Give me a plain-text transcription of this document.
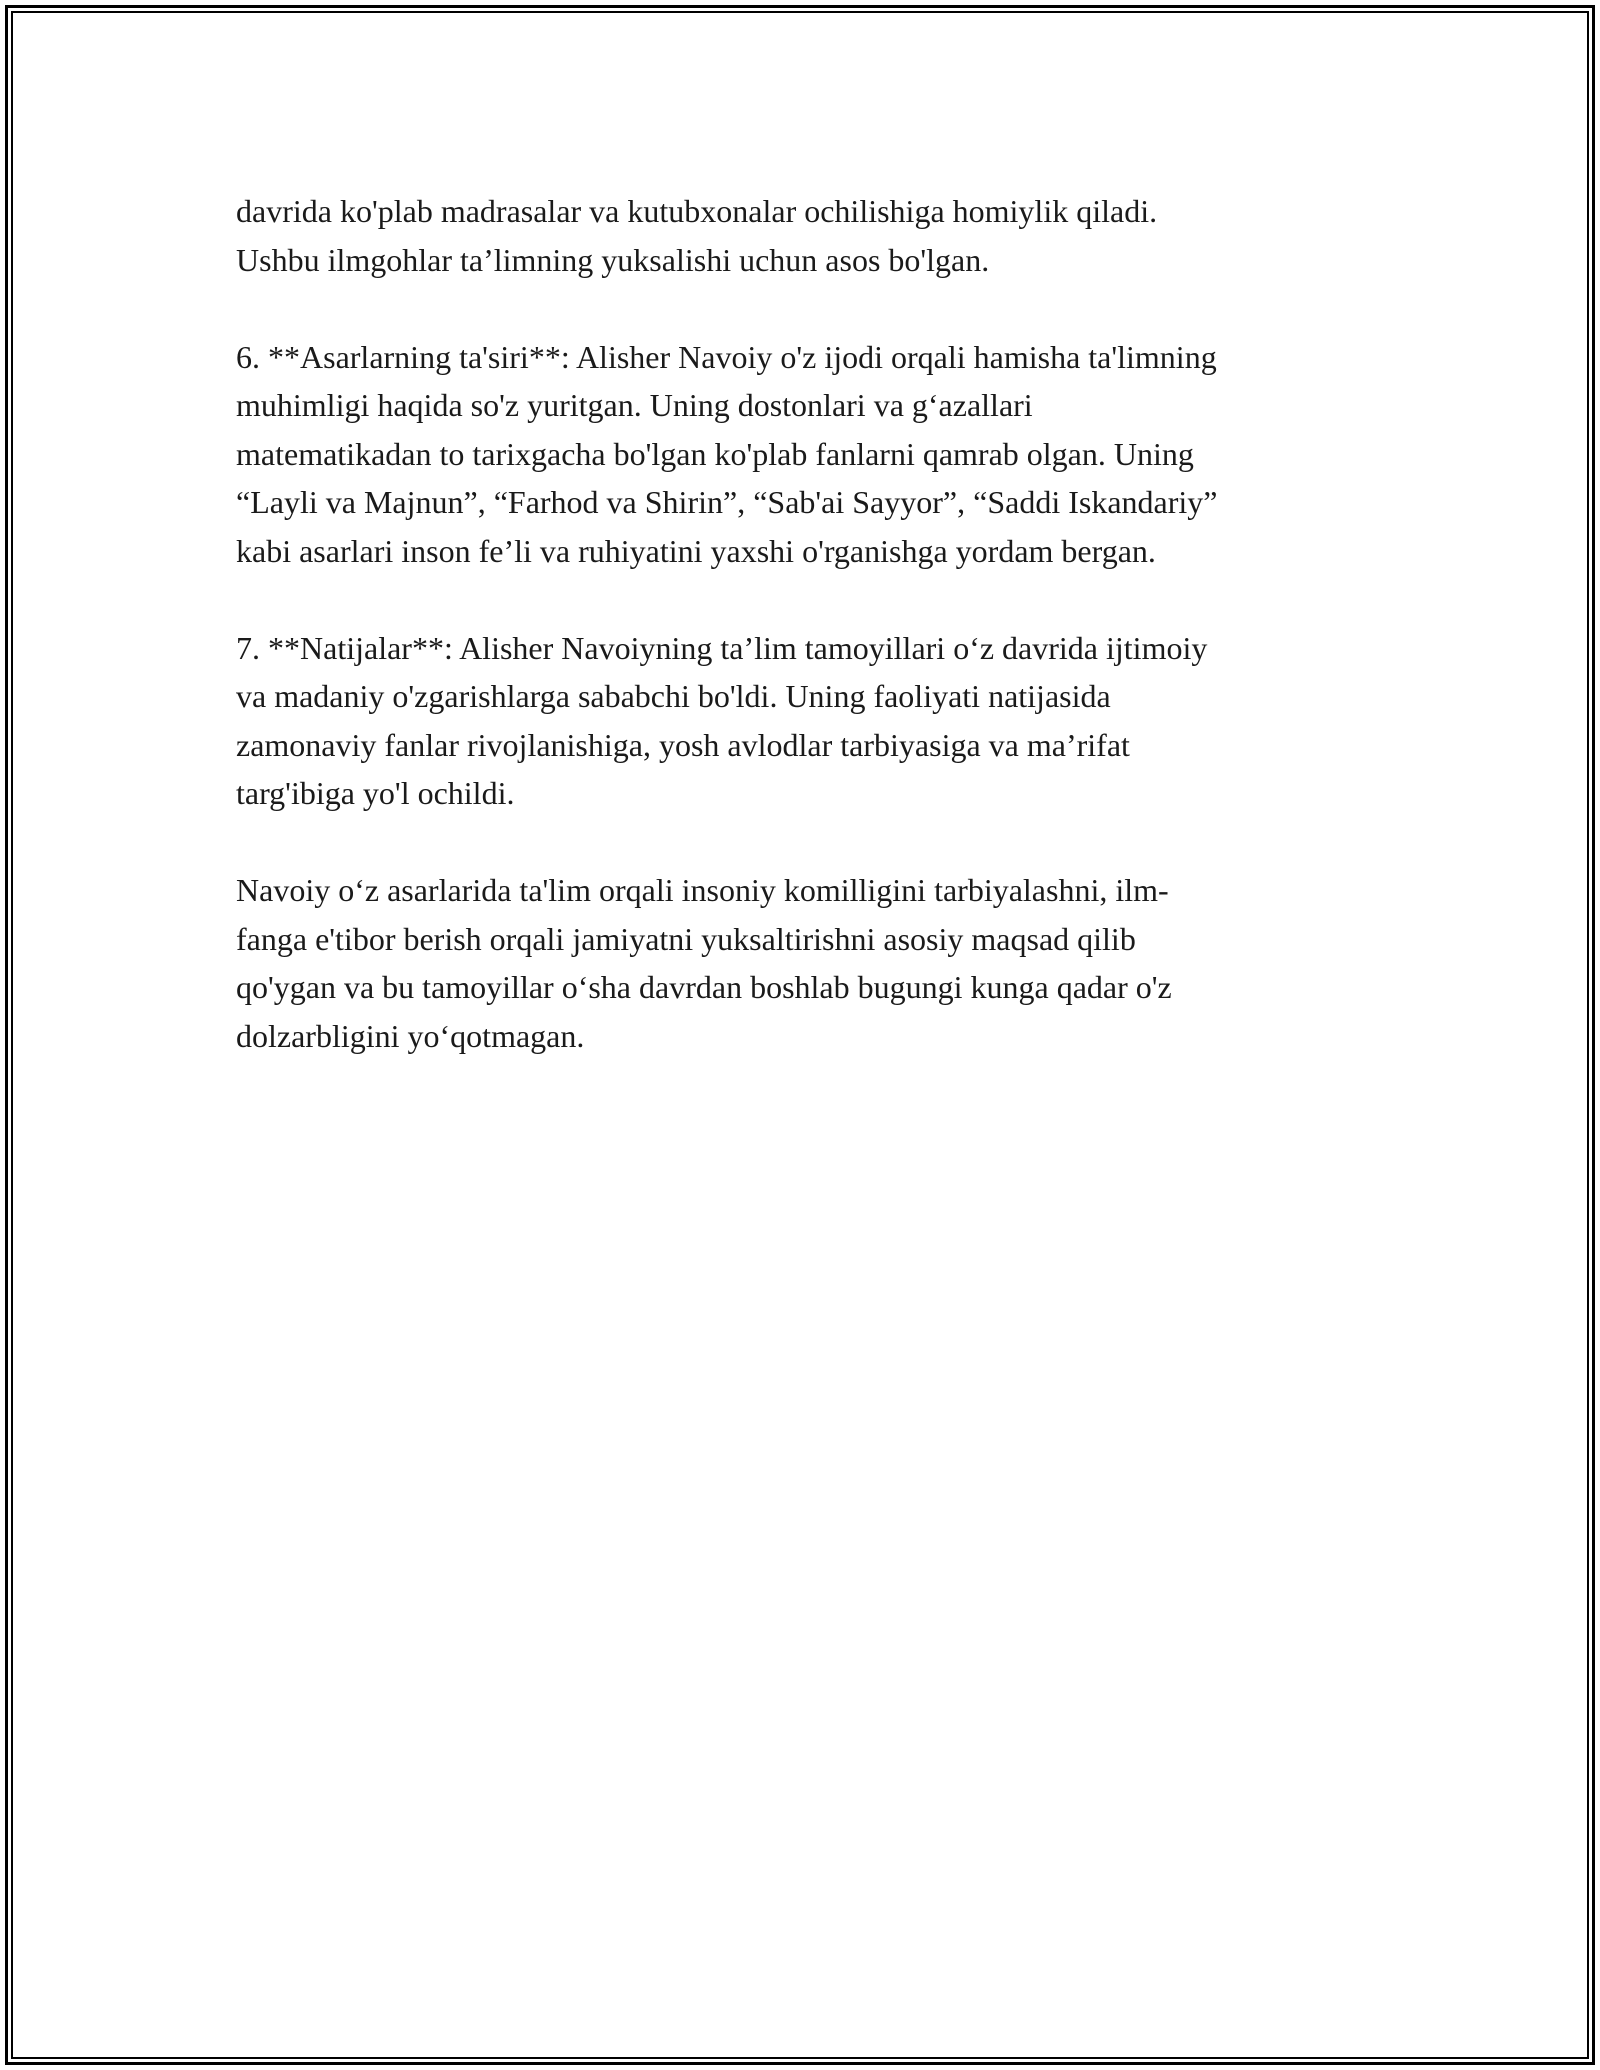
davrida ko'plab madrasalar va kutubxonalar ochilishiga homiylik qiladi.
Ushbu ilmgohlar ta’limning yuksalishi uchun asos bo'lgan.

6. **Asarlarning ta'siri**: Alisher Navoiy o'z ijodi orqali hamisha ta'limning
muhimligi haqida so'z yuritgan. Uning dostonlari va g‘azallari
matematikadan to tarixgacha bo'lgan ko'plab fanlarni qamrab olgan. Uning
“Layli va Majnun”, “Farhod va Shirin”, “Sab'ai Sayyor”, “Saddi Iskandariy”
kabi asarlari inson fe’li va ruhiyatini yaxshi o'rganishga yordam bergan.

7. **Natijalar**: Alisher Navoiyning ta’lim tamoyillari o‘z davrida ijtimoiy
va madaniy o'zgarishlarga sababchi bo'ldi. Uning faoliyati natijasida
zamonaviy fanlar rivojlanishiga, yosh avlodlar tarbiyasiga va ma’rifat
targ'ibiga yo'l ochildi.

Navoiy o‘z asarlarida ta'lim orqali insoniy komilligini tarbiyalashni, ilm-
fanga e'tibor berish orqali jamiyatni yuksaltirishni asosiy maqsad qilib
qo'ygan va bu tamoyillar o‘sha davrdan boshlab bugungi kunga qadar o'z
dolzarbligini yo‘qotmagan.
